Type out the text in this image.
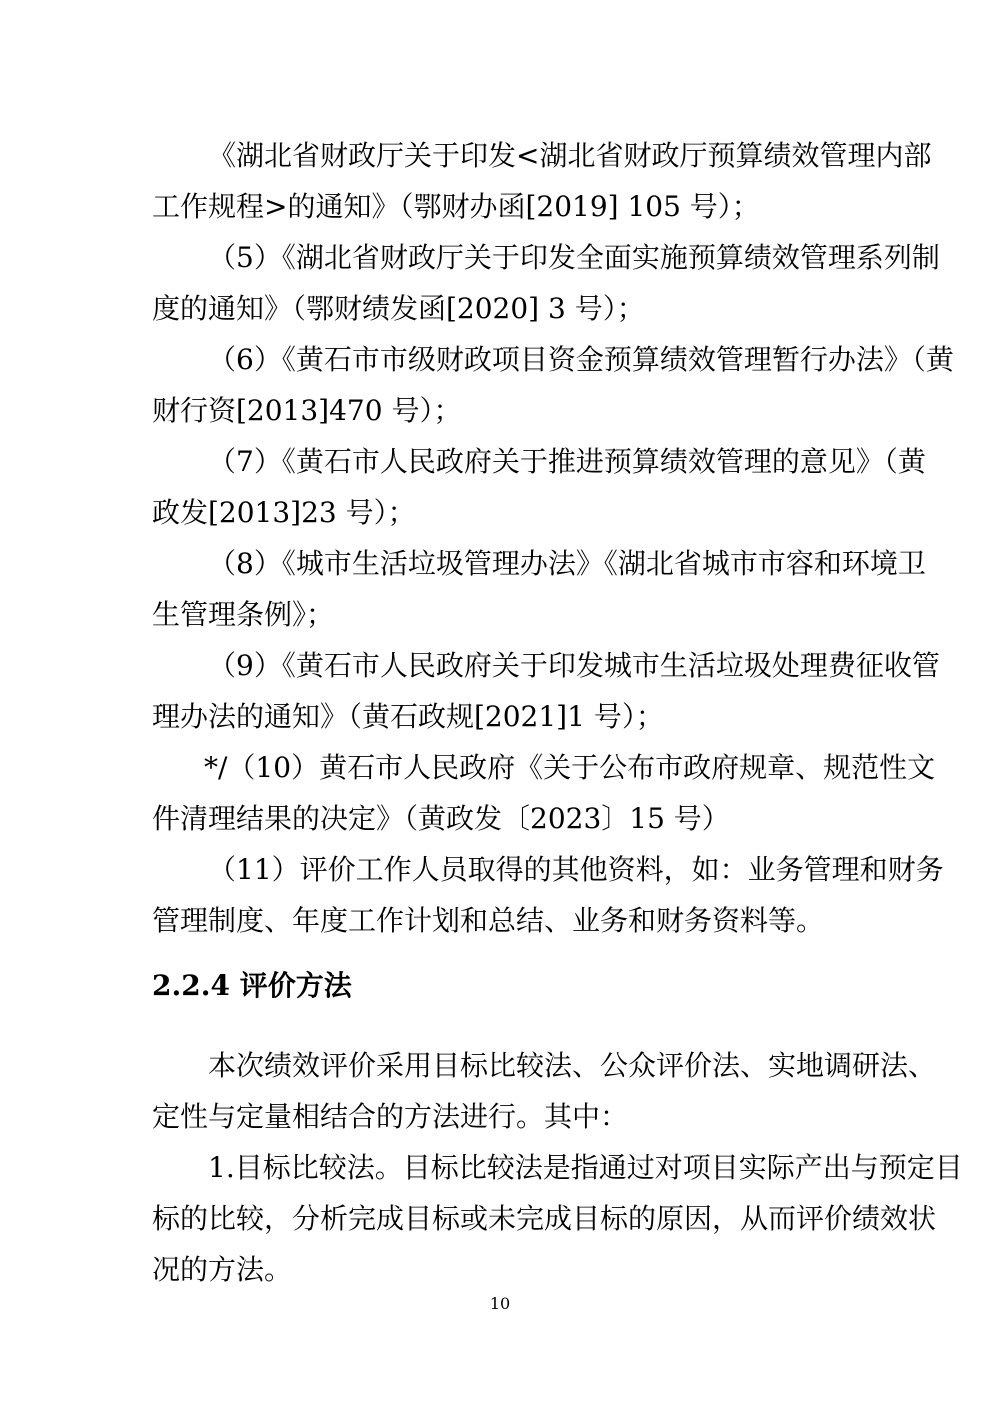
《湖北省财政厅关于印发<湖北省财政厅预算绩效管理内部
工作规程>的通知》（鄂财办函[2019] 105 号）；
（5）《湖北省财政厅关于印发全面实施预算绩效管理系列制
度的通知》（鄂财绩发函[2020] 3 号）；
（6）《黄石市市级财政项目资金预算绩效管理暂行办法》（黄
财行资[2013]470 号）；
（7）《黄石市人民政府关于推进预算绩效管理的意见》（黄
政发[2013]23 号）；
（8）《城市生活垃圾管理办法》《湖北省城市市容和环境卫
生管理条例》；
（9）《黄石市人民政府关于印发城市生活垃圾处理费征收管
理办法的通知》（黄石政规[2021]1 号）；
*/（10）黄石市人民政府《关于公布市政府规章、规范性文
件清理结果的决定》（黄政发〔2023〕15 号）
（11）评价工作人员取得的其他资料，如：业务管理和财务
管理制度、年度工作计划和总结、业务和财务资料等。
2.2.4 评价方法
本次绩效评价采用目标比较法、公众评价法、实地调研法、
定性与定量相结合的方法进行。其中：
1.目标比较法。目标比较法是指通过对项目实际产出与预定目
标的比较，分析完成目标或未完成目标的原因，从而评价绩效状
况的方法。
10
